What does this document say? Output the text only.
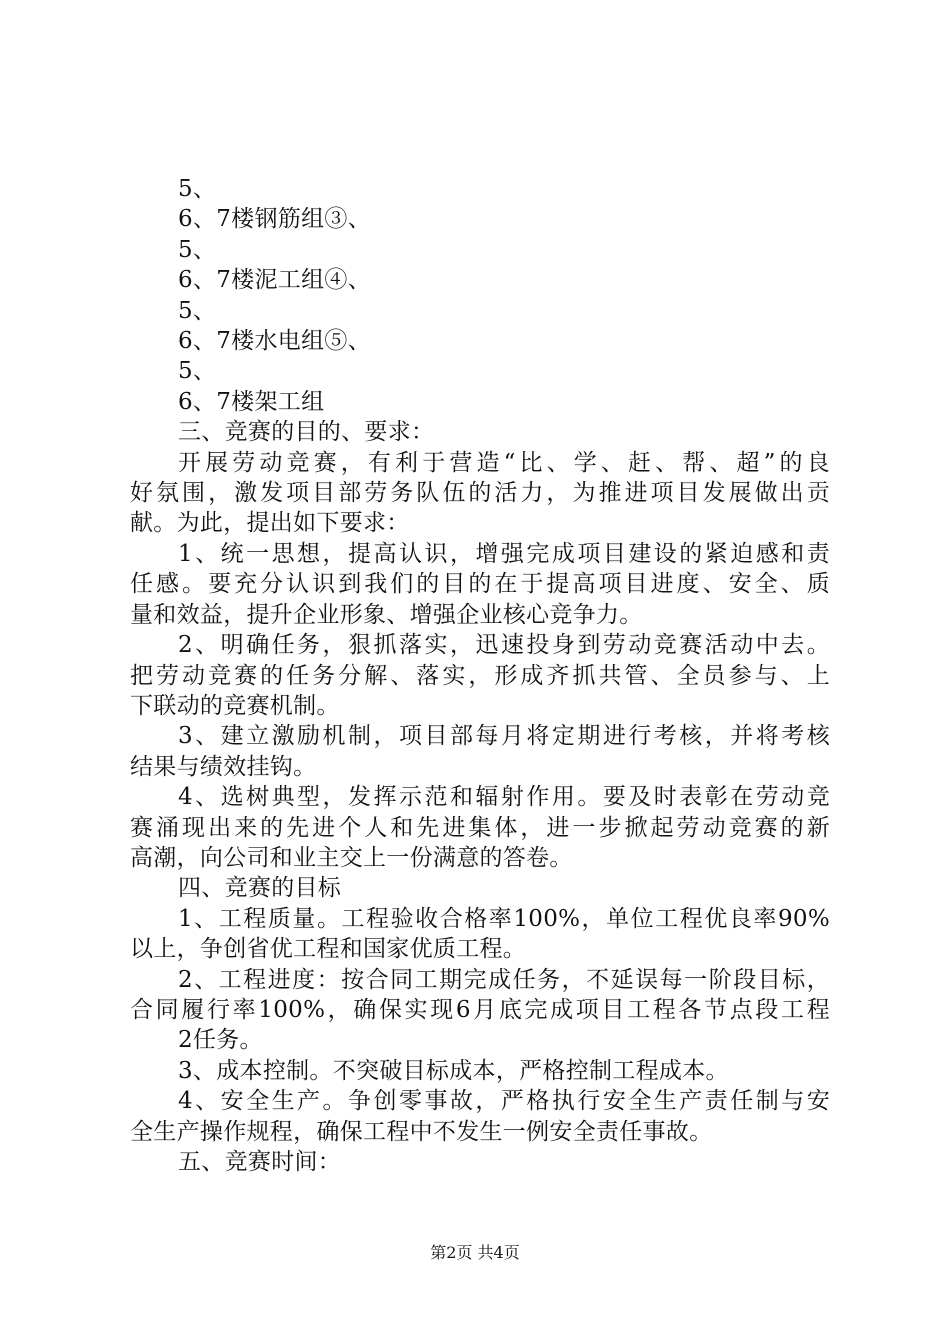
5、
6、7楼钢筋组③、
5、
6、7楼泥工组④、
5、
6、7楼水电组⑤、
5、
6、7楼架工组
三、竞赛的目的、要求：
开展劳动竞赛，有利于营造“比、学、赶、帮、超”的良
好氛围，激发项目部劳务队伍的活力，为推进项目发展做出贡
献。为此，提出如下要求：
1、统一思想，提高认识，增强完成项目建设的紧迫感和责
任感。要充分认识到我们的目的在于提高项目进度、安全、质
量和效益，提升企业形象、增强企业核心竞争力。
2、明确任务，狠抓落实，迅速投身到劳动竞赛活动中去。
把劳动竞赛的任务分解、落实，形成齐抓共管、全员参与、上
下联动的竞赛机制。
3、建立激励机制，项目部每月将定期进行考核，并将考核
结果与绩效挂钩。
4、选树典型，发挥示范和辐射作用。要及时表彰在劳动竞
赛涌现出来的先进个人和先进集体，进一步掀起劳动竞赛的新
高潮，向公司和业主交上一份满意的答卷。
四、竞赛的目标
1、工程质量。工程验收合格率100%，单位工程优良率90%
以上，争创省优工程和国家优质工程。
2、工程进度：按合同工期完成任务，不延误每一阶段目标，
合同履行率100%，确保实现6月底完成项目工程各节点段工程
2任务。
3、成本控制。不突破目标成本，严格控制工程成本。
4、安全生产。争创零事故，严格执行安全生产责任制与安
全生产操作规程，确保工程中不发生一例安全责任事故。
五、竞赛时间：
第2页 共4页
